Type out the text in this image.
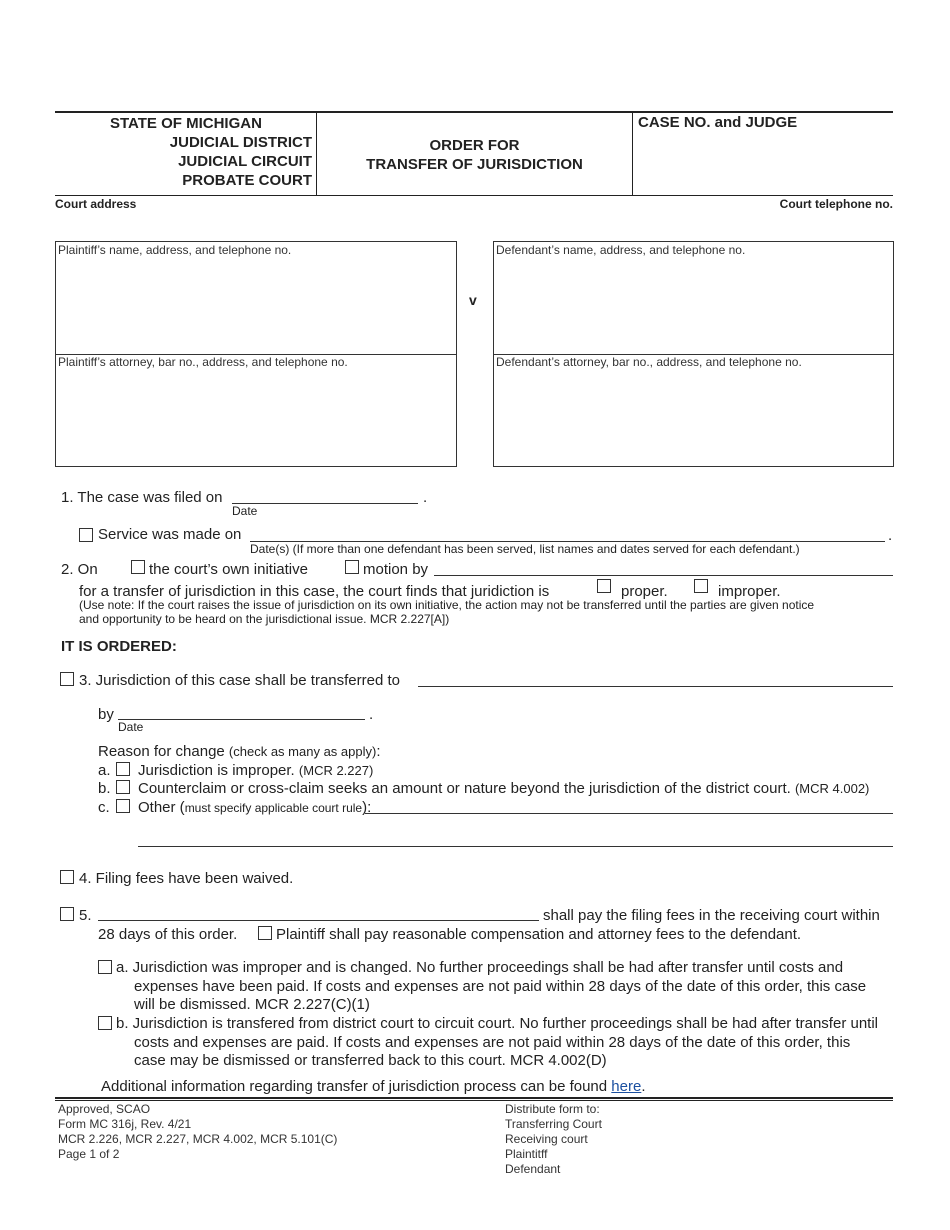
STATE OF MICHIGAN
JUDICIAL DISTRICT
JUDICIAL CIRCUIT
PROBATE COURT
ORDER FOR
TRANSFER OF JURISDICTION
CASE NO. and JUDGE
Court address	Court telephone no.
Plaintiff’s name, address, and telephone no.
Plaintiff’s attorney, bar no., address, and telephone no.
v
Defendant’s name, address, and telephone no.
Defendant’s attorney, bar no., address, and telephone no.
1. The case was filed on	.
Date
Service was made on	.
Date(s) (If more than one defendant has been served, list names and dates served for each defendant.)
2. On	the court’s own initiative	motion by
for a transfer of jurisdiction in this case, the court finds that juridiction is	proper.	improper.
(Use note: If the court raises the issue of jurisdiction on its own initiative, the action may not be transferred until the parties are given notice
and opportunity to be heard on the jurisdictional issue. MCR 2.227[A])
IT IS ORDERED:
3. Jurisdiction of this case shall be transferred to
by	.
Date
Reason for change (check as many as apply):
a. Jurisdiction is improper. (MCR 2.227)
b. Counterclaim or cross-claim seeks an amount or nature beyond the jurisdiction of the district court. (MCR 4.002)
c. Other (must specify applicable court rule):
4. Filing fees have been waived.
5.	shall pay the filing fees in the receiving court within
28 days of this order.	Plaintiff shall pay reasonable compensation and attorney fees to the defendant.
a. Jurisdiction was improper and is changed. No further proceedings shall be had after transfer until costs and
expenses have been paid. If costs and expenses are not paid within 28 days of the date of this order, this case
will be dismissed. MCR 2.227(C)(1)
b. Jurisdiction is transfered from district court to circuit court. No further proceedings shall be had after transfer until
costs and expenses are paid. If costs and expenses are not paid within 28 days of the date of this order, this
case may be dismissed or transferred back to this court. MCR 4.002(D)
Additional information regarding transfer of jurisdiction process can be found here.
Approved, SCAO
Form MC 316j, Rev. 4/21
MCR 2.226, MCR 2.227, MCR 4.002, MCR 5.101(C)
Page 1 of 2
Distribute form to:
Transferring Court
Receiving court
Plaintitff
Defendant
